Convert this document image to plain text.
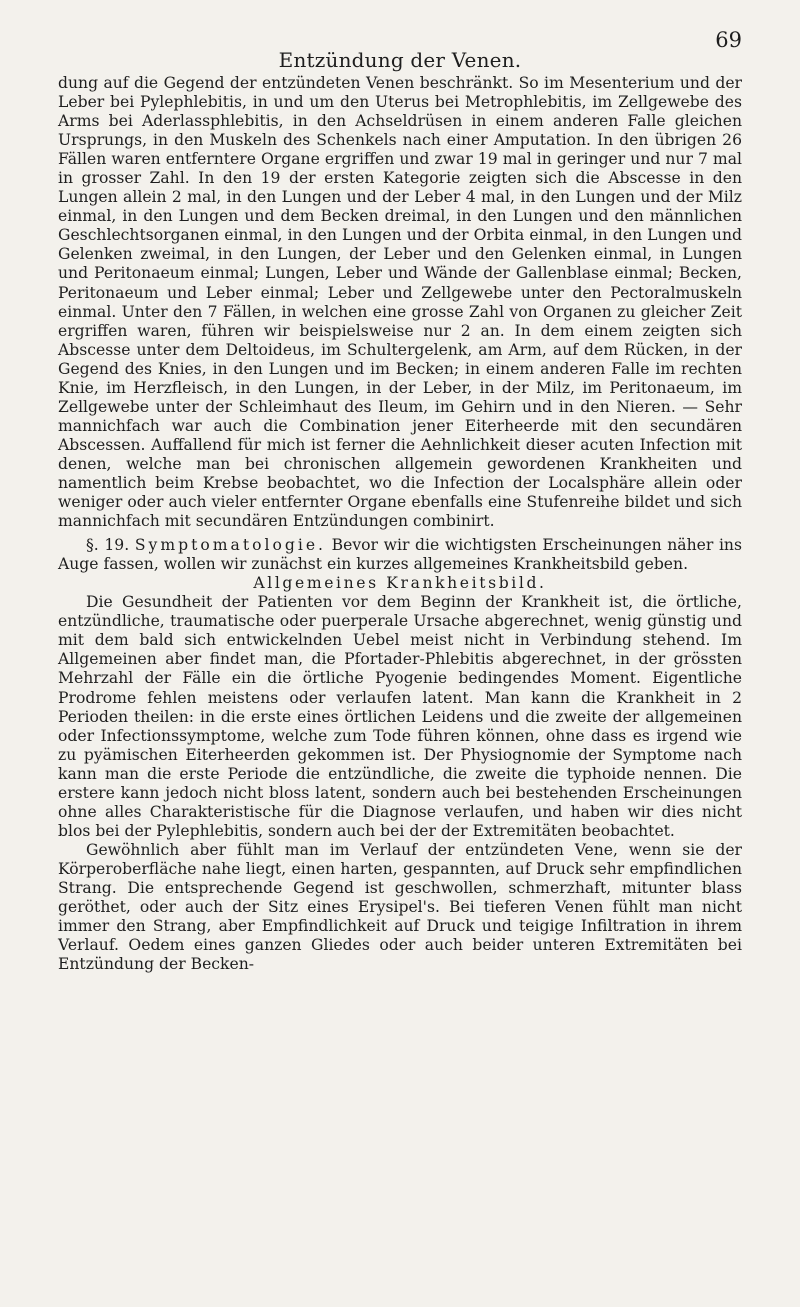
Entzündung der Venen.
69

dung auf die Gegend der entzündeten Venen beschränkt. So im Mesenterium und der Leber bei Pylephlebitis, in und um den Uterus bei Metrophlebitis, im Zellgewebe des Arms bei Aderlassphlebitis, in den Achseldrüsen in einem anderen Falle gleichen Ursprungs, in den Muskeln des Schenkels nach einer Amputation. In den übrigen 26 Fällen waren entferntere Organe ergriffen und zwar 19 mal in geringer und nur 7 mal in grosser Zahl. In den 19 der ersten Kategorie zeigten sich die Abscesse in den Lungen allein 2 mal, in den Lungen und der Leber 4 mal, in den Lungen und der Milz einmal, in den Lungen und dem Becken dreimal, in den Lungen und den männlichen Geschlechtsorganen einmal, in den Lungen und der Orbita einmal, in den Lungen und Gelenken zweimal, in den Lungen, der Leber und den Gelenken einmal, in Lungen und Peritonaeum einmal; Lungen, Leber und Wände der Gallenblase einmal; Becken, Peritonaeum und Leber einmal; Leber und Zellgewebe unter den Pectoralmuskeln einmal. Unter den 7 Fällen, in welchen eine grosse Zahl von Organen zu gleicher Zeit ergriffen waren, führen wir beispielsweise nur 2 an. In dem einem zeigten sich Abscesse unter dem Deltoideus, im Schultergelenk, am Arm, auf dem Rücken, in der Gegend des Knies, in den Lungen und im Becken; in einem anderen Falle im rechten Knie, im Herzfleisch, in den Lungen, in der Leber, in der Milz, im Peritonaeum, im Zellgewebe unter der Schleimhaut des Ileum, im Gehirn und in den Nieren. — Sehr mannichfach war auch die Combination jener Eiterheerde mit den secundären Abscessen. Auffallend für mich ist ferner die Aehnlichkeit dieser acuten Infection mit denen, welche man bei chronischen allgemein gewordenen Krankheiten und namentlich beim Krebse beobachtet, wo die Infection der Localsphäre allein oder weniger oder auch vieler entfernter Organe ebenfalls eine Stufenreihe bildet und sich mannichfach mit secundären Entzündungen combinirt.

§. 19. Symptomatologie. Bevor wir die wichtigsten Erscheinungen näher ins Auge fassen, wollen wir zunächst ein kurzes allgemeines Krankheitsbild geben.

Allgemeines Krankheitsbild.

Die Gesundheit der Patienten vor dem Beginn der Krankheit ist, die örtliche, entzündliche, traumatische oder puerperale Ursache abgerechnet, wenig günstig und mit dem bald sich entwickelnden Uebel meist nicht in Verbindung stehend. Im Allgemeinen aber findet man, die Pfortader-Phlebitis abgerechnet, in der grössten Mehrzahl der Fälle ein die örtliche Pyogenie bedingendes Moment. Eigentliche Prodrome fehlen meistens oder verlaufen latent. Man kann die Krankheit in 2 Perioden theilen: in die erste eines örtlichen Leidens und die zweite der allgemeinen oder Infectionssymptome, welche zum Tode führen können, ohne dass es irgend wie zu pyämischen Eiterheerden gekommen ist. Der Physiognomie der Symptome nach kann man die erste Periode die entzündliche, die zweite die typhoide nennen. Die erstere kann jedoch nicht bloss latent, sondern auch bei bestehenden Erscheinungen ohne alles Charakteristische für die Diagnose verlaufen, und haben wir dies nicht blos bei der Pylephlebitis, sondern auch bei der der Extremitäten beobachtet.

Gewöhnlich aber fühlt man im Verlauf der entzündeten Vene, wenn sie der Körperoberfläche nahe liegt, einen harten, gespannten, auf Druck sehr empfindlichen Strang. Die entsprechende Gegend ist geschwollen, schmerzhaft, mitunter blass geröthet, oder auch der Sitz eines Erysipel's. Bei tieferen Venen fühlt man nicht immer den Strang, aber Empfindlichkeit auf Druck und teigige Infiltration in ihrem Verlauf. Oedem eines ganzen Gliedes oder auch beider unteren Extremitäten bei Entzündung der Becken-
